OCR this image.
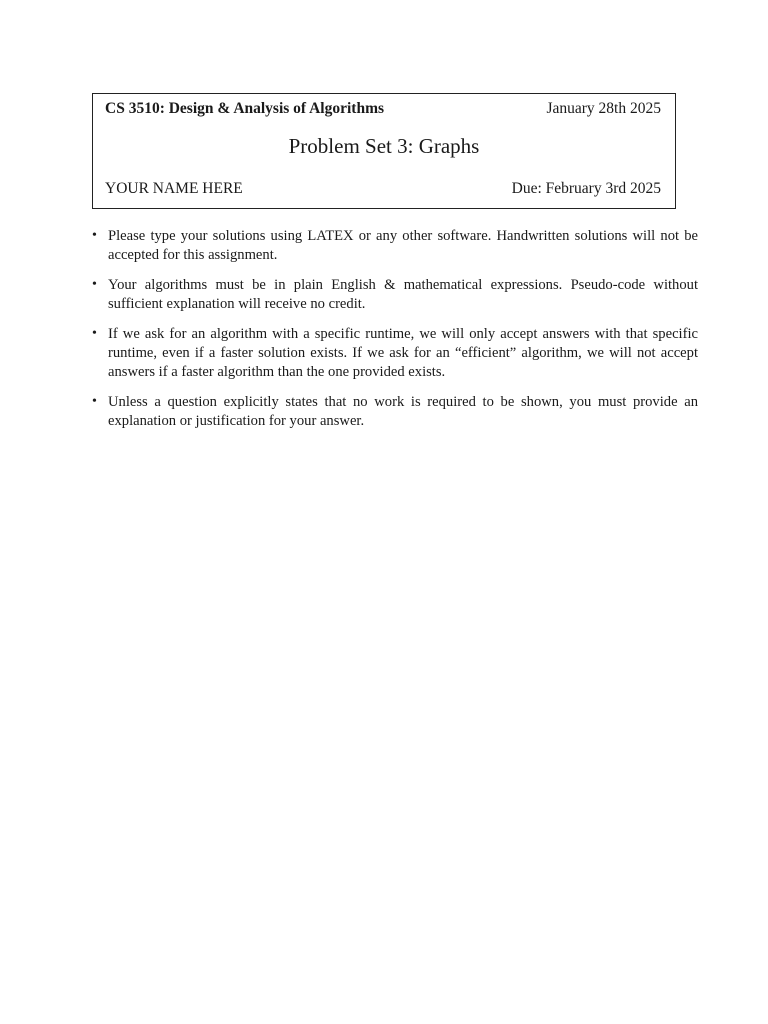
CS 3510: Design & Analysis of Algorithms	January 28th 2025
Problem Set 3: Graphs
YOUR NAME HERE	Due: February 3rd 2025
• Please type your solutions using LATEX or any other software. Handwritten solutions will not be accepted for this assignment.
• Your algorithms must be in plain English & mathematical expressions. Pseudo-code without sufficient explanation will receive no credit.
• If we ask for an algorithm with a specific runtime, we will only accept answers with that specific runtime, even if a faster solution exists. If we ask for an “efficient” algorithm, we will not accept answers if a faster algorithm than the one provided exists.
• Unless a question explicitly states that no work is required to be shown, you must provide an explanation or justification for your answer.
